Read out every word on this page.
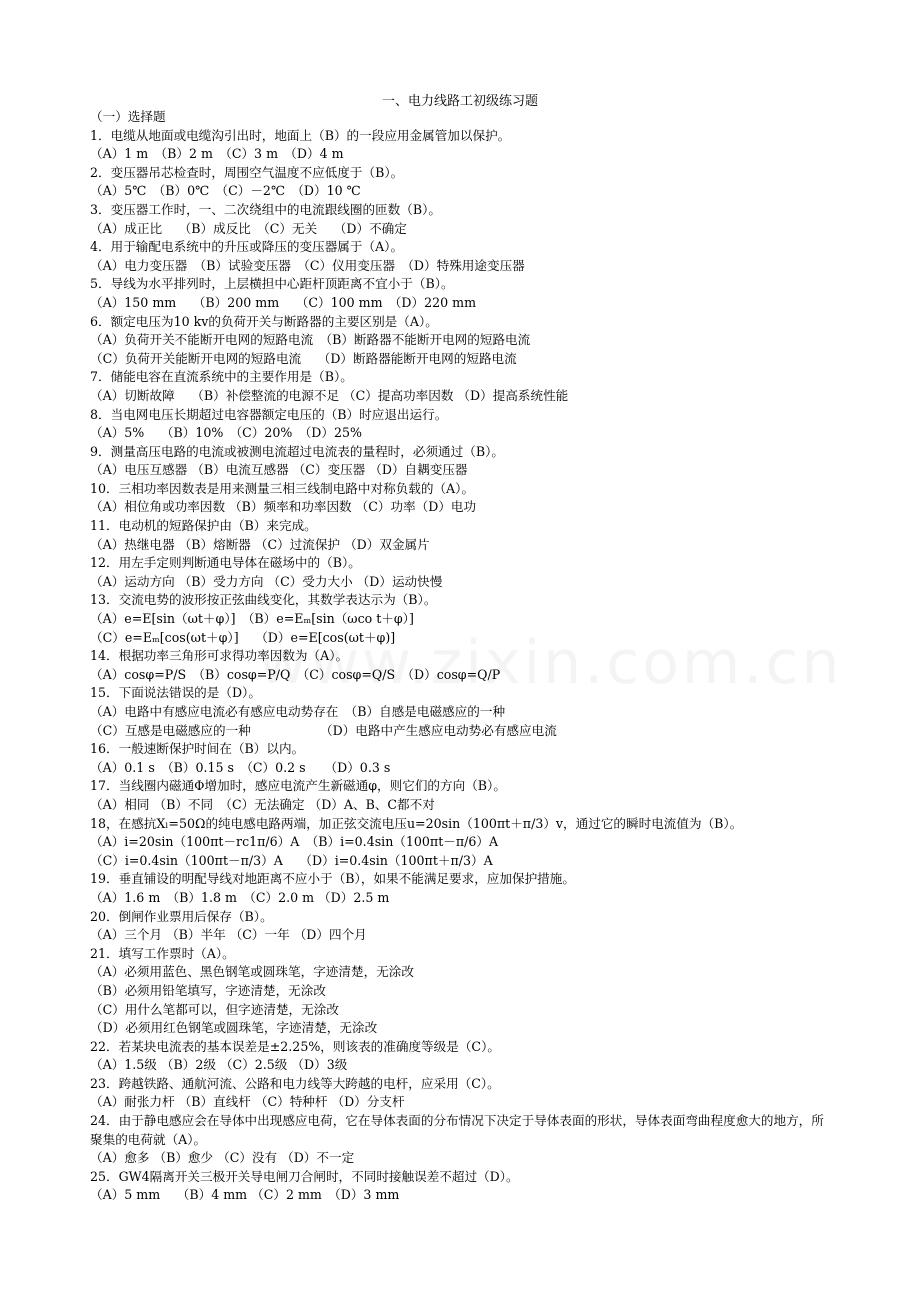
一、电力线路工初级练习题
（一）选择题
1．电缆从地面或电缆沟引出时，地面上（B）的一段应用金属管加以保护。
（A）1 m　（B）2 m　（C）3 m　（D）4 m
2．变压器吊芯检查时，周围空气温度不应低度于（B）。
（A）5℃　（B）0℃　（C）－2℃　（D）10 ℃
3．变压器工作时，一、二次绕组中的电流跟线圈的匝数（B）。
（A）成正比　 （B）成反比　（C）无关　 （D）不确定
4．用于输配电系统中的升压或降压的变压器属于（A）。
（A）电力变压器　（B）试验变压器　（C）仪用变压器　（D）特殊用途变压器
5．导线为水平排列时，上层横担中心距杆顶距离不宜小于（B）。
（A）150 mm　 （B）200 mm　 （C）100 mm　（D）220 mm
6．额定电压为10 kv的负荷开关与断路器的主要区别是（A）。
（A）负荷开关不能断开电网的短路电流　（B）断路器不能断开电网的短路电流
（C）负荷开关能断开电网的短路电流　 （D）断路器能断开电网的短路电流
7．储能电容在直流系统中的主要作用是（B）。
（A）切断故障　 （B）补偿整流的电源不足 （C）提高功率因数 （D）提高系统性能
8．当电网电压长期超过电容器额定电压的（B）时应退出运行。
（A）5%　 （B）10%　（C）20%　（D）25%
9．测量高压电路的电流或被测电流超过电流表的量程时，必须通过（B）。
（A）电压互感器 （B）电流互感器 （C）变压器 （D）自耦变压器
10．三相功率因数表是用来测量三相三线制电路中对称负载的（A）。
（A）相位角或功率因数 （B）频率和功率因数 （C）功率（D）电功
11．电动机的短路保护由（B）来完成。
（A）热继电器 （B）熔断器 （C）过流保护 （D）双金属片
12．用左手定则判断通电导体在磁场中的（B）。
（A）运动方向 （B）受力方向 （C）受力大小 （D）运动快慢
13．交流电势的波形按正弦曲线变化，其数学表达示为（B）。
（A）e=E[sin（ωt＋φ）]　（B）e=Eₘ[sin（ωco t＋φ）]
（C）e=Eₘ[cos(ωt＋φ）]　 （D）e=E[cos(ωt＋φ)]
14．根据功率三角形可求得功率因数为（A）。
（A）cosφ=P/S　（B）cosφ=P/Q　（C）cosφ=Q/S　（D）cosφ=Q/P
15．下面说法错误的是（D）。
（A）电路中有感应电流必有感应电动势存在　（B）自感是电磁感应的一种
（C）互感是电磁感应的一种　　　　　　（D）电路中产生感应电动势必有感应电流
16．一般速断保护时间在（B）以内。
（A）0.1 s　（B）0.15 s　（C）0.2 s　　（D）0.3 s
17．当线圈内磁通Φ增加时，感应电流产生新磁通φ，则它们的方向（B）。
（A）相同 （B）不同　（C）无法确定 （D）A、B、C都不对
18，在感抗Xₗ=50Ω的纯电感电路两端，加正弦交流电压u=20sin（100πt＋π/3）v，通过它的瞬时电流值为（B）。
（A）i=20sin（100πt－rc1π/6）A　（B）i=0.4sin（100πt－π/6）A
（C）i=0.4sin（100πt－π/3）A　 （D）i=0.4sin（100πt＋π/3）A
19．垂直铺设的明配导线对地距离不应小于（B），如果不能满足要求，应加保护措施。
（A）1.6 m　（B）1.8 m　（C）2.0 m （D）2.5 m
20．倒闸作业票用后保存（B）。
（A）三个月 （B）半年 （C）一年 （D）四个月
21．填写工作票时（A）。
（A）必须用蓝色、黑色钢笔或圆珠笔，字迹清楚，无涂改
（B）必须用铅笔填写，字迹清楚，无涂改
（C）用什么笔都可以，但字迹清楚，无涂改
（D）必须用红色钢笔或圆珠笔，字迹清楚，无涂改
22．若某块电流表的基本误差是±2.25%，则该表的准确度等级是（C）。
（A）1.5级 （B）2级 （C）2.5级 （D）3级
23．跨越铁路、通航河流、公路和电力线等大跨越的电杆，应采用（C）。
（A）耐张力杆 （B）直线杆 （C）特种杆 （D）分支杆
24．由于静电感应会在导体中出现感应电荷，它在导体表面的分布情况下决定于导体表面的形状，导体表面弯曲程度愈大的地方，所聚集的电荷就（A）。
（A）愈多 （B）愈少 （C）没有 （D）不一定
25．GW4隔离开关三极开关导电闸刀合闸时，不同时接触误差不超过（D）。
（A）5 mm　 （B）4 mm （C）2 mm　（D）3 mm
